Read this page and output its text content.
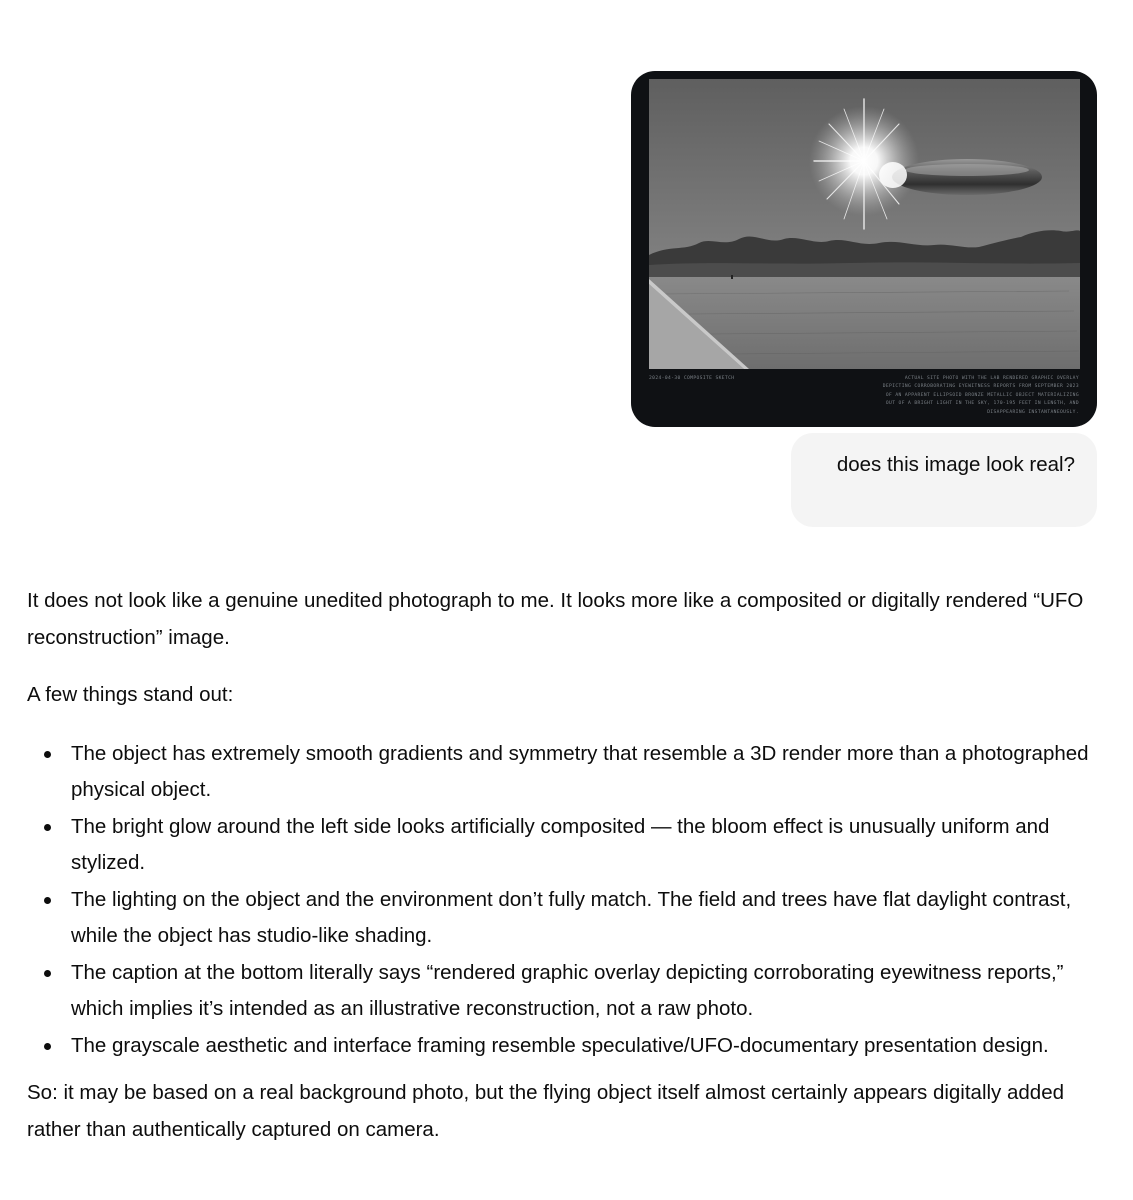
2024-04-30 COMPOSITE SKETCH	ACTUAL SITE PHOTO WITH THE LAB RENDERED GRAPHIC OVERLAY DEPICTING CORROBORATING EYEWITNESS REPORTS FROM SEPTEMBER 2023 OF AN APPARENT ELLIPSOID BRONZE METALLIC OBJECT MATERIALIZING OUT OF A BRIGHT LIGHT IN THE SKY, 170-195 FEET IN LENGTH, AND DISAPPEARING INSTANTANEOUSLY.
does this image look real?

It does not look like a genuine unedited photograph to me. It looks more like a composited or digitally rendered “UFO reconstruction” image.

A few things stand out:

The object has extremely smooth gradients and symmetry that resemble a 3D render more than a photographed physical object.
The bright glow around the left side looks artificially composited — the bloom effect is unusually uniform and stylized.
The lighting on the object and the environment don’t fully match. The field and trees have flat daylight contrast, while the object has studio-like shading.
The caption at the bottom literally says “rendered graphic overlay depicting corroborating eyewitness reports,” which implies it’s intended as an illustrative reconstruction, not a raw photo.
The grayscale aesthetic and interface framing resemble speculative/UFO-documentary presentation design.

So: it may be based on a real background photo, but the flying object itself almost certainly appears digitally added rather than authentically captured on camera.
